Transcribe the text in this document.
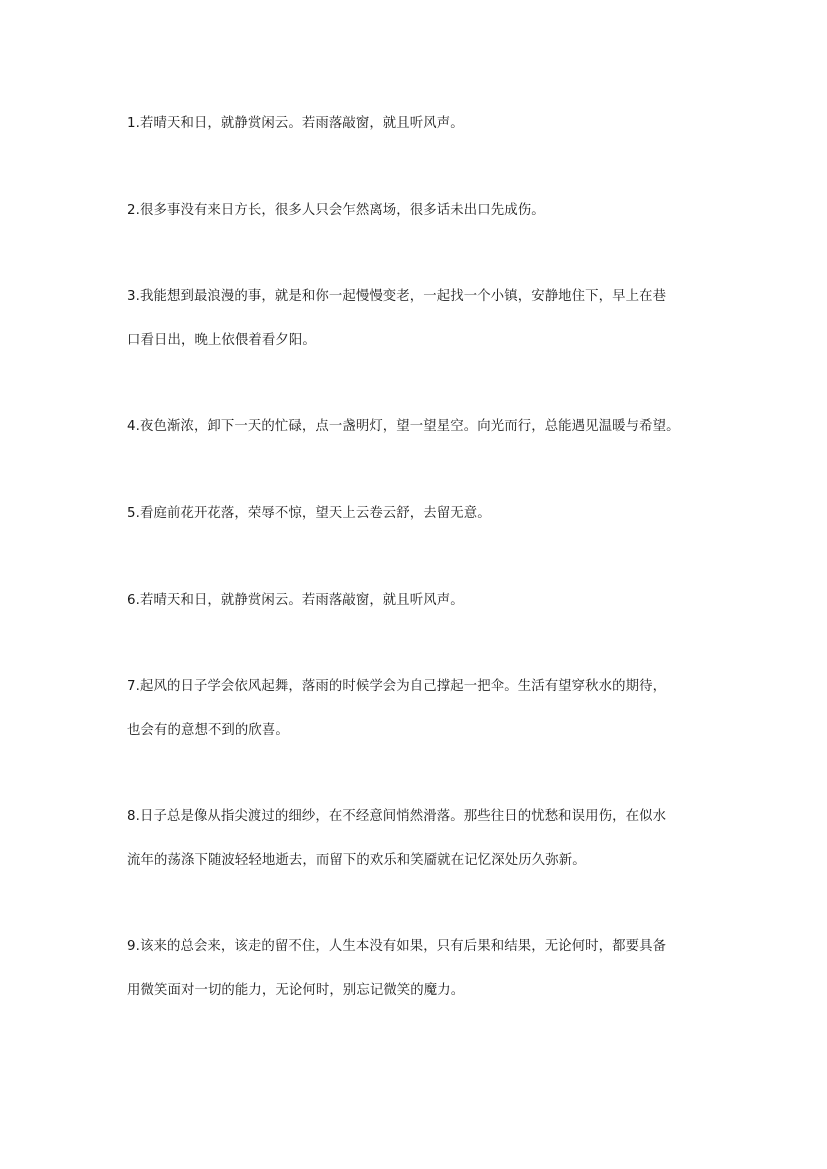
1.若晴天和日，就静赏闲云。若雨落敲窗，就且听风声。

2.很多事没有来日方长，很多人只会乍然离场，很多话未出口先成伤。

3.我能想到最浪漫的事，就是和你一起慢慢变老，一起找一个小镇，安静地住下，早上在巷
口看日出，晚上依偎着看夕阳。

4.夜色渐浓，卸下一天的忙碌，点一盏明灯，望一望星空。向光而行，总能遇见温暖与希望。

5.看庭前花开花落，荣辱不惊，望天上云卷云舒，去留无意。

6.若晴天和日，就静赏闲云。若雨落敲窗，就且听风声。

7.起风的日子学会依风起舞，落雨的时候学会为自己撑起一把伞。生活有望穿秋水的期待，
也会有的意想不到的欣喜。

8.日子总是像从指尖渡过的细纱，在不经意间悄然滑落。那些往日的忧愁和误用伤，在似水
流年的荡涤下随波轻轻地逝去，而留下的欢乐和笑靥就在记忆深处历久弥新。

9.该来的总会来，该走的留不住，人生本没有如果，只有后果和结果，无论何时，都要具备
用微笑面对一切的能力，无论何时，别忘记微笑的魔力。
